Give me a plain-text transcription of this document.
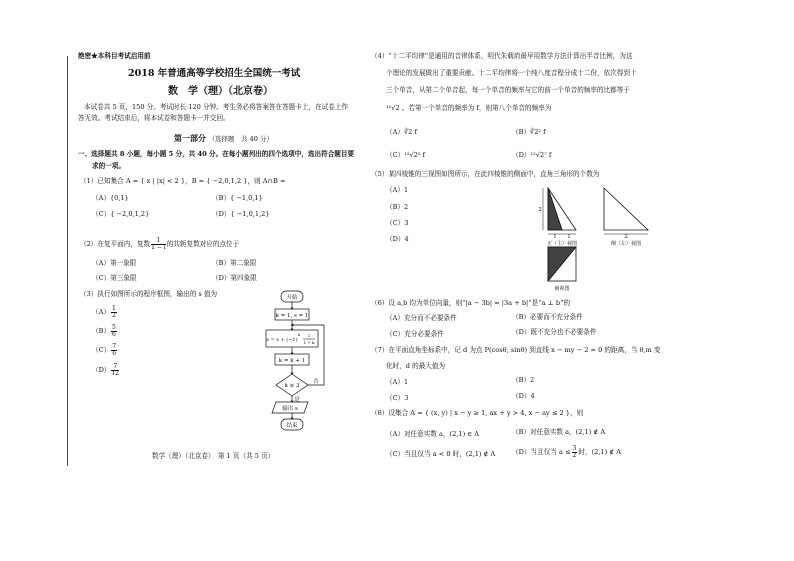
绝密★本科目考试启用前
2018 年普通高等学校招生全国统一考试
数　学（理）（北京卷）
本试卷共 5 页，150 分。考试时长 120 分钟。考生务必将答案答在答题卡上，在试卷上作
答无效。考试结束后，将本试卷和答题卡一并交回。
第一部分 （选择题　共 40 分）
一、选择题共 8 小题，每小题 5 分，共 40 分。在每小题列出的四个选项中，选出符合题目要
求的一项。
（1）已知集合 A = { x | |x| < 2 }，B = { −2,0,1,2 }，则 A∩B =
（A）{0,1}	（B）{ −1,0,1}
（C）{ −2,0,1,2}	（D）{ −1,0,1,2}
（2）在复平面内，复数 $\frac{1}{1 - i}$ 的共轭复数对应的点位于
（A）第一象限	（B）第二象限
（C）第三象限	（D）第四象限
（3）执行如图所示的程序框图，输出的 s 值为
$(A) \frac{1}{2}$
$(B) \frac{5}{6}$
$(C) \frac{7}{6}$
$(D) \frac{7}{12}$
开始
k = 1, s = 1
s = s + (−1)
k 1
1 + k
k = k + 1
k ≥ 3
否
是
输出 s
结束
数学（理）（北京卷）　第 1 页（共 5 页）
（4）“十二平均律”是通用的音律体系，明代朱载堉最早用数学方法计算出半音比例，为这
个理论的发展做出了重要贡献。十二平均律将一个纯八度音程分成十二份，依次得到十
三个单音，从第二个单音起，每一个单音的频率与它的前一个单音的频率的比都等于
¹²√2 。若第一个单音的频率为 f，则第八个单音的频率为
（A）∛2 f	（B）∛2² f
（C）¹²√2⁵ f	（D）¹²√2⁷ f
（5）某四棱锥的三视图如图所示，在此四棱锥的侧面中，直角三角形的个数为
（A）1
（B）2
（C）3
（D）4
2
1 1	2
正（主）视图	侧（左）视图
俯视图
（6）设 a,b 均为单位向量，则“|a − 3b| = |3a + b|”是“a ⊥ b”的
（A）充分而不必要条件	（B）必要而不充分条件
（C）充分必要条件	（D）既不充分也不必要条件
（7）在平面直角坐标系中，记 d 为点 P(cosθ, sinθ) 到直线 x − my − 2 = 0 的距离，当 θ,m 变
化时，d 的最大值为
（A）1	（B）2
（C）3	（D）4
（8）设集合 A = { (x, y) | x − y ≥ 1, ax + y > 4, x − ay ≤ 2 }，则
（A）对任意实数 a，(2,1) ∈ A	（B）对任意实数 a，(2,1) ∉ A
（C）当且仅当 a < 0 时，(2,1) ∉ A	（D）当且仅当 $a \le \frac{3}{2}$ 时，(2,1) ∉ A
